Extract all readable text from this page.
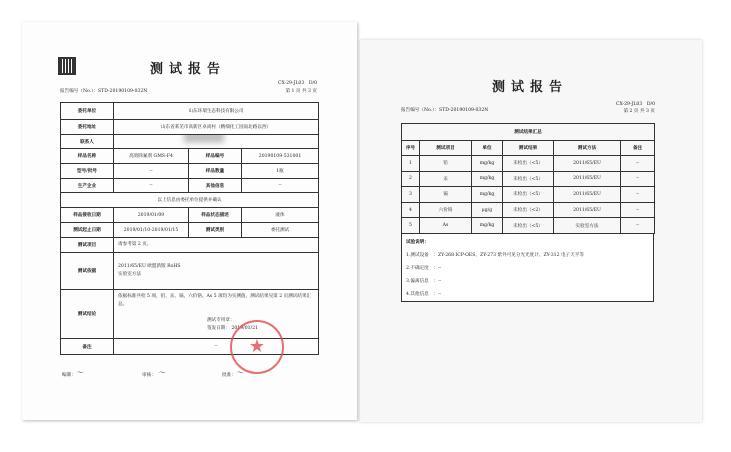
测试报告
报告编号（No.）：STD-20190109-032N
CX-29-JL03　D/0
第 1 页 共 3 页
委托单位	山东环瑞生态科技有限公司		
委托地址	山东省莱芜市高新区卓尚村（精细化工园南北路以西）		
联系人			

样品名称	高效除氟剂 GMS-F4	样品编号	20190109-531001
型号/批号	--	样品数量	1瓶
生产企业	--	其他信息	--
以上信息由委托单位提供并确认			
样品接收日期	2019/01/09	样品状态描述	液体
测试起止日期	2019/01/10-2019/01/15	测试类别	委托测试
测试项目	请参考第 2 页。		
测试依据	2011/65/EU 欧盟新版 RoHS
实验室方法		

测试结论	依据标准共检 5 项，铅、汞、镉、六价铬、As 5 项均为实测值，测试结果见第 2 页测试结果汇总。
测试专用章：
签发日期： 2019/01/21		

备注	--			★
编制： 〜	审核： 〜	批准： 〜
测试报告
报告编号（No.）：STD-20190109-032N
CX-29-JL03　D/0
第 2 页 共 3 页
测试结果汇总					
序号	测试项目	单位	测试结果	测试方法	备注
1	铅	mg/kg	未检出（<5）	2011/65/EU	--
2	汞	mg/kg	未检出（<5）	2011/65/EU	--
3	镉	mg/kg	未检出（<5）	2011/65/EU	--
4	六价铬	μg/g	未检出（<2）	2011/65/EU	--
5	As	mg/kg	未检出（<5）	实验室方法	--
试验说明：
1.测试设备　：ZY-268 ICP-OES、ZY-273 紫外可见分光光度计、ZY-312 电子天平等
2.不确定度　：--
3.偏离信息　：--
4.其他信息　：--
